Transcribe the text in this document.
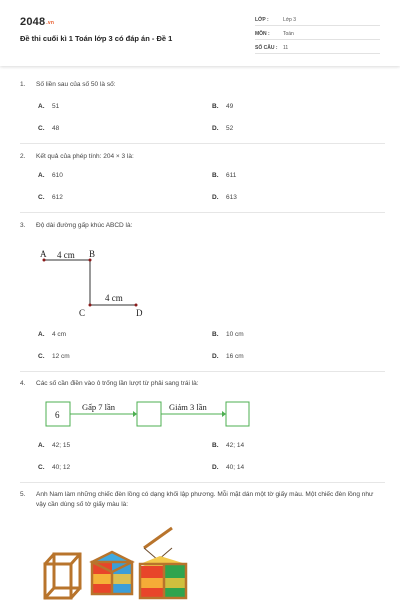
2048.vn
Đề thi cuối kì 1 Toán lớp 3 có đáp án - Đề 1
LỚP :	Lớp 3
MÔN :	Toán
SỐ CÂU : 11
1. Số liền sau của số 50 là số:
A. 51	B. 49
C. 48	D. 52
2. Kết quả của phép tính: 204 × 3 là:
A. 610	B. 611
C. 612	D. 613
3. Độ dài đường gấp khúc ABCD là:
A	B
C	D
4 cm
4 cm
A. 4 cm	B. 10 cm
C. 12 cm	D. 16 cm
4. Các số cần điền vào ô trống lần lượt từ phải sang trái là:
6
Gấp 7 lần	Giảm 3 lần
A. 42; 15	B. 42; 14
C. 40; 12	D. 40; 14
5. Anh Nam làm những chiếc đèn lồng có dạng khối lập phương. Mỗi mặt dán một tờ giấy màu. Một chiếc đèn lồng như vậy cần dùng số tờ giấy màu là:
